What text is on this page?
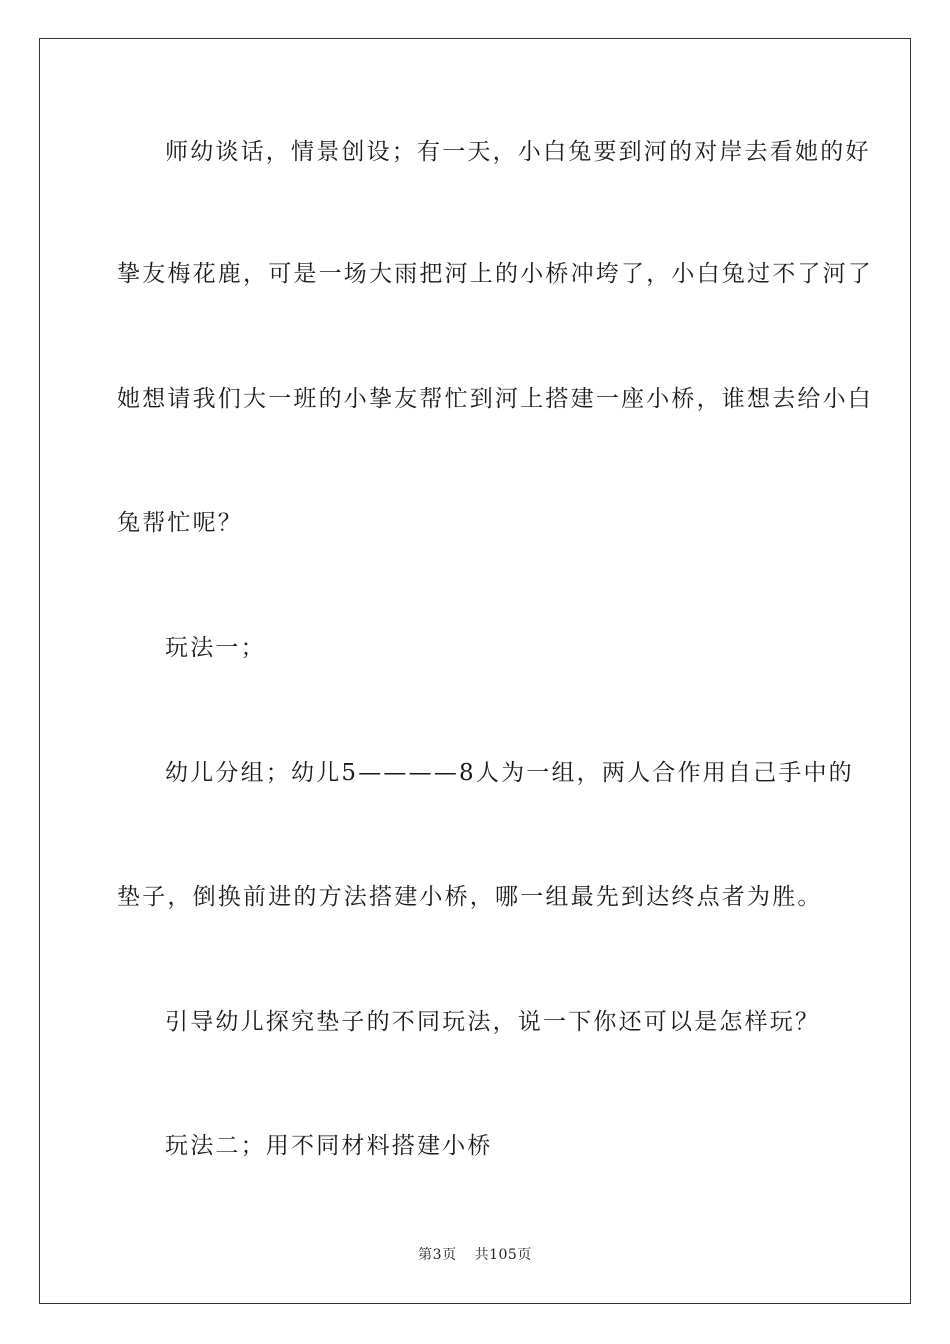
师幼谈话，情景创设；有一天，小白兔要到河的对岸去看她的好

挚友梅花鹿，可是一场大雨把河上的小桥冲垮了，小白兔过不了河了

她想请我们大一班的小挚友帮忙到河上搭建一座小桥，谁想去给小白

兔帮忙呢？

玩法一；

幼儿分组；幼儿5————8人为一组，两人合作用自己手中的

垫子，倒换前进的方法搭建小桥，哪一组最先到达终点者为胜。

引导幼儿探究垫子的不同玩法，说一下你还可以是怎样玩？

玩法二；用不同材料搭建小桥

第3页 共105页
